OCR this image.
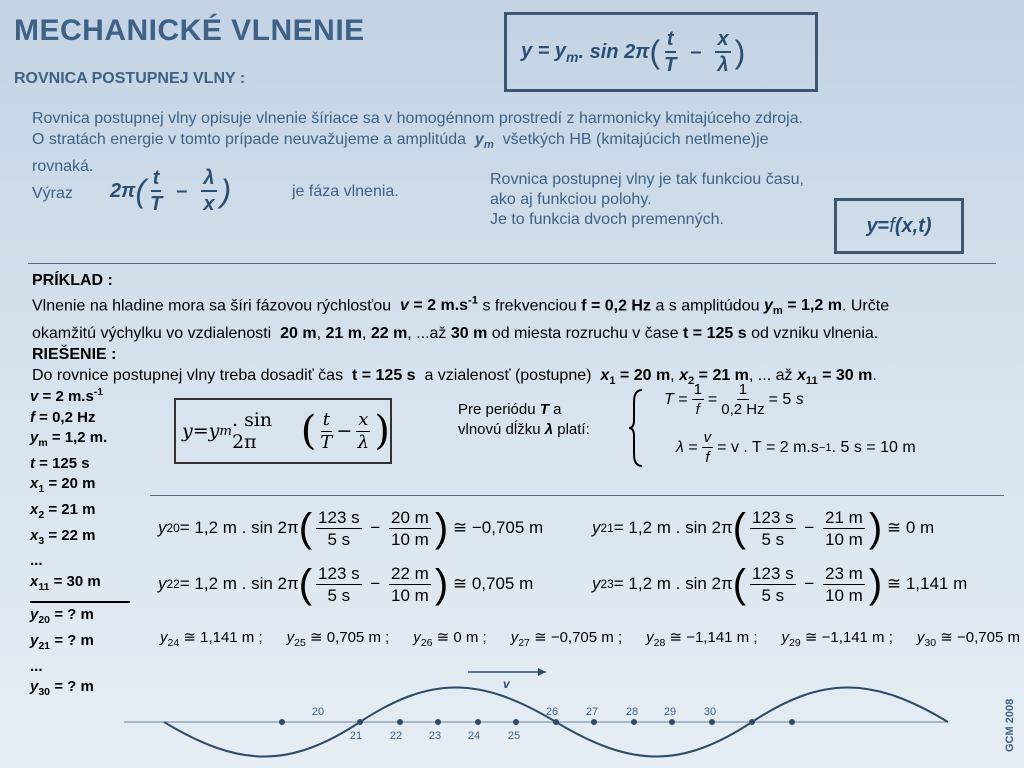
MECHANICKÉ VLNENIE
ROVNICA POSTUPNEJ VLNY :
$y = y_m$ . sin 2π ( $\frac{t}{T} - \frac{x}{\lambda}$ )
Rovnica postupnej vlny opisuje vlnenie šíriace sa v homogénnom prostredí z harmonicky kmitajúceho zdroja.
O stratách energie v tomto prípade neuvažujeme a amplitúda $y_m$ všetkých HB (kmitajúcich netlmene)je
rovnaká.
Výraz 2π ( $\frac{t}{T} - \frac{\lambda}{x}$ )	je fáza vlnenia.
Rovnica postupnej vlny je tak funkciou času,
ako aj funkciou polohy.
Je to funkcia dvoch premenných.	y = f (x,t)
PRÍKLAD :
Vlnenie na hladine mora sa šíri fázovou rýchlosťou v = 2 $m.s^{-1}$ s frekvenciou f = 0,2 Hz a s amplitúdou $y_m = 1,2$ m. Určte
okamžitú výchylku vo vzdialenosti 20 m, 21 m, 22 m, ...až 30 m od miesta rozruchu v čase t = 125 s od vzniku vlnenia.
RIEŠENIE :
Do rovnice postupnej vlny treba dosadiť čas t = 125 s a vzialenosť (postupne) $x_1 = 20$ m, $x_2 = 21$ m, ... až $x_{11} = 30$ m.
v = 2 $m.s^{-1}$
f = 0,2 Hz
$y_m = 1,2$ m.
t = 125 s
$x_1 = 20$ m
$x_2 = 21$ m
$x_3 = 22$ m
...
$x_{11} = 30$ m
$y_{20}$ = ? m
$y_{21}$ = ? m
...
$y_{30}$ = ? m
y = y m . sin 2π	( $\frac{t}{T} - \frac{x}{\lambda}$ )	Pre periódu T a
vlnovú dĺžku λ platí:
T
= $\frac{1}{f} = \frac{1}{0,2 Hz} = 5$
s
λ
= $\frac{v}{f} = v$ . T = 2 m.s −1 . 5 s = 10 m
y 20 = 1,2 m . sin 2π ( $\frac{123 s}{5 s} - \frac{20 m}{10 m}$ )
≅ −0,705 m	y 21 = 1,2 m . sin 2π ( $\frac{123 s}{5 s} - \frac{21 m}{10 m}$ )
≅ 0 m
y 22 = 1,2 m . sin 2π ( $\frac{123 s}{5 s} - \frac{22 m}{10 m}$ )
≅ 0,705 m	y 23 = 1,2 m . sin 2π ( $\frac{123 s}{5 s} - \frac{23 m}{10 m}$ )
≅ 1,141 m
$y_{24}$ ≅ 1,141 m ; $y_{25}$ ≅ 0,705 m ; $y_{26}$ ≅ 0 m ; $y_{27}$ ≅ −0,705 m ; $y_{28}$ ≅ −1,141 m ; $y_{29}$ ≅ −1,141 m ; $y_{30}$ ≅ −0,705 m
v
20	26	27	28 29	30
21	22 23 24	25	GCM 2008
